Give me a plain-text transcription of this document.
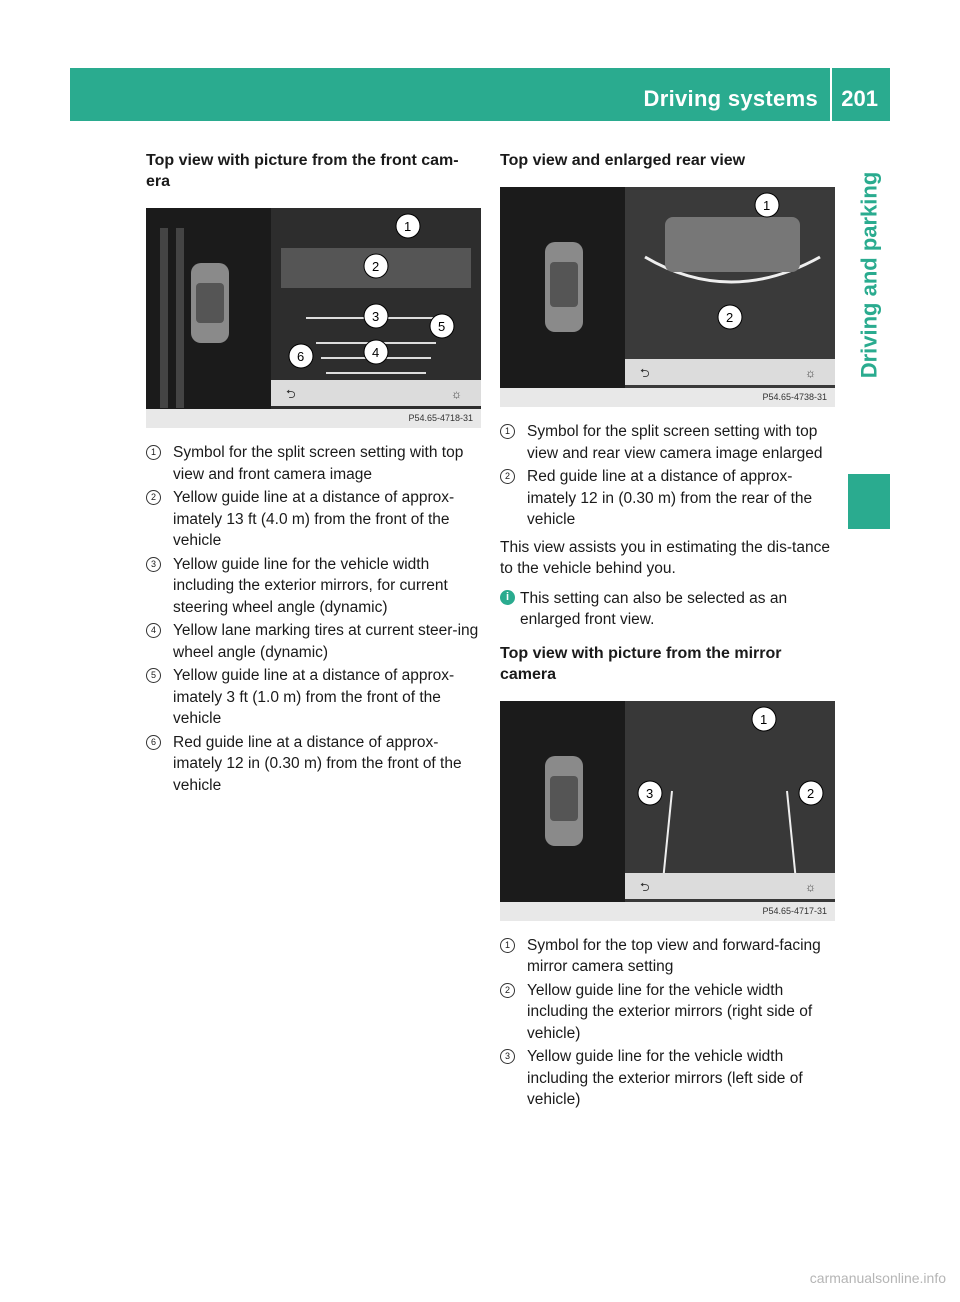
Driving systems 201
Driving and parking
Top view with picture from the front cam-
era
⮌	☼
1
2
3
4
5
6
P54.65-4718-31
1	Symbol for the split screen setting with top view and front camera image
2	Yellow guide line at a distance of approx-imately 13 ft (4.0 m) from the front of the vehicle
3	Yellow guide line for the vehicle width including the exterior mirrors, for current steering wheel angle (dynamic)
4	Yellow lane marking tires at current steer-ing wheel angle (dynamic)
5	Yellow guide line at a distance of approx-imately 3 ft (1.0 m) from the front of the vehicle
6	Red guide line at a distance of approx-imately 12 in (0.30 m) from the front of the vehicle
Top view and enlarged rear view
⮌	☼
1
2
P54.65-4738-31
1	Symbol for the split screen setting with top view and rear view camera image enlarged
2	Red guide line at a distance of approx-imately 12 in (0.30 m) from the rear of the vehicle
This view assists you in estimating the dis-tance to the vehicle behind you.
i This setting can also be selected as an enlarged front view.
Top view with picture from the mirror camera
⮌	☼
1
2
3
P54.65-4717-31
1	Symbol for the top view and forward-facing mirror camera setting
2	Yellow guide line for the vehicle width including the exterior mirrors (right side of vehicle)
3	Yellow guide line for the vehicle width including the exterior mirrors (left side of vehicle)
carmanualsonline.info
